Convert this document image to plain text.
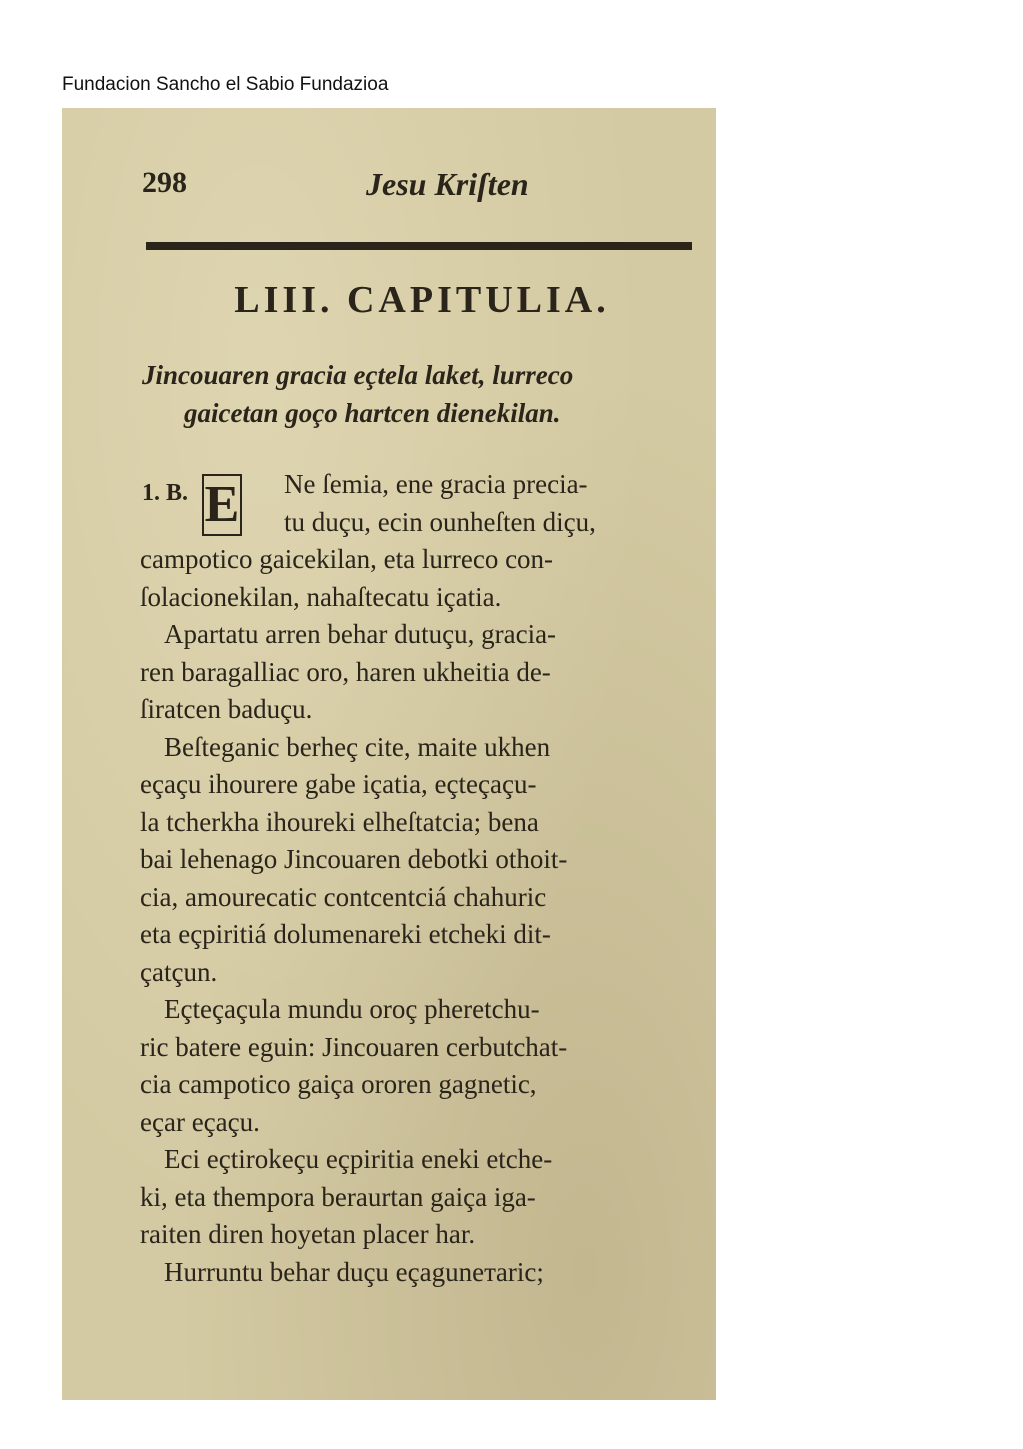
Fundacion Sancho el Sabio Fundazioa
298	Jesu Kriſten
LIII. CAPITULIA.
Jincouaren gracia eçtela laket, lurreco
gaicetan goço hartcen dienekilan.
1. B. E	Ne ſemia, ene gracia precia-
tu duçu, ecin ounheſten diçu,
campotico gaicekilan, eta lurreco con-
ſolacionekilan, nahaſtecatu içatia.

Apartatu arren behar dutuçu, gracia-
ren baragalliac oro, haren ukheitia de-
ſiratcen baduçu.

Beſteganic berheç cite, maite ukhen
eçaçu ihourere gabe içatia, eçteçaçu-
la tcherkha ihoureki elheſtatcia; bena
bai lehenago Jincouaren debotki othoit-
cia, amourecatic contcentciá chahuric
eta eçpiritiá dolumenareki etcheki dit-
çatçun.

Eçteçaçula mundu oroç pheretchu-
ric batere eguin: Jincouaren cerbutchat-
cia campotico gaiça ororen gagnetic,
eçar eçaçu.

Eci eçtirokeçu eçpiritia eneki etche-
ki, eta thempora beraurtan gaiça iga-
raiten diren hoyetan placer har.

Hurruntu behar duçu eçaguneтaric;
